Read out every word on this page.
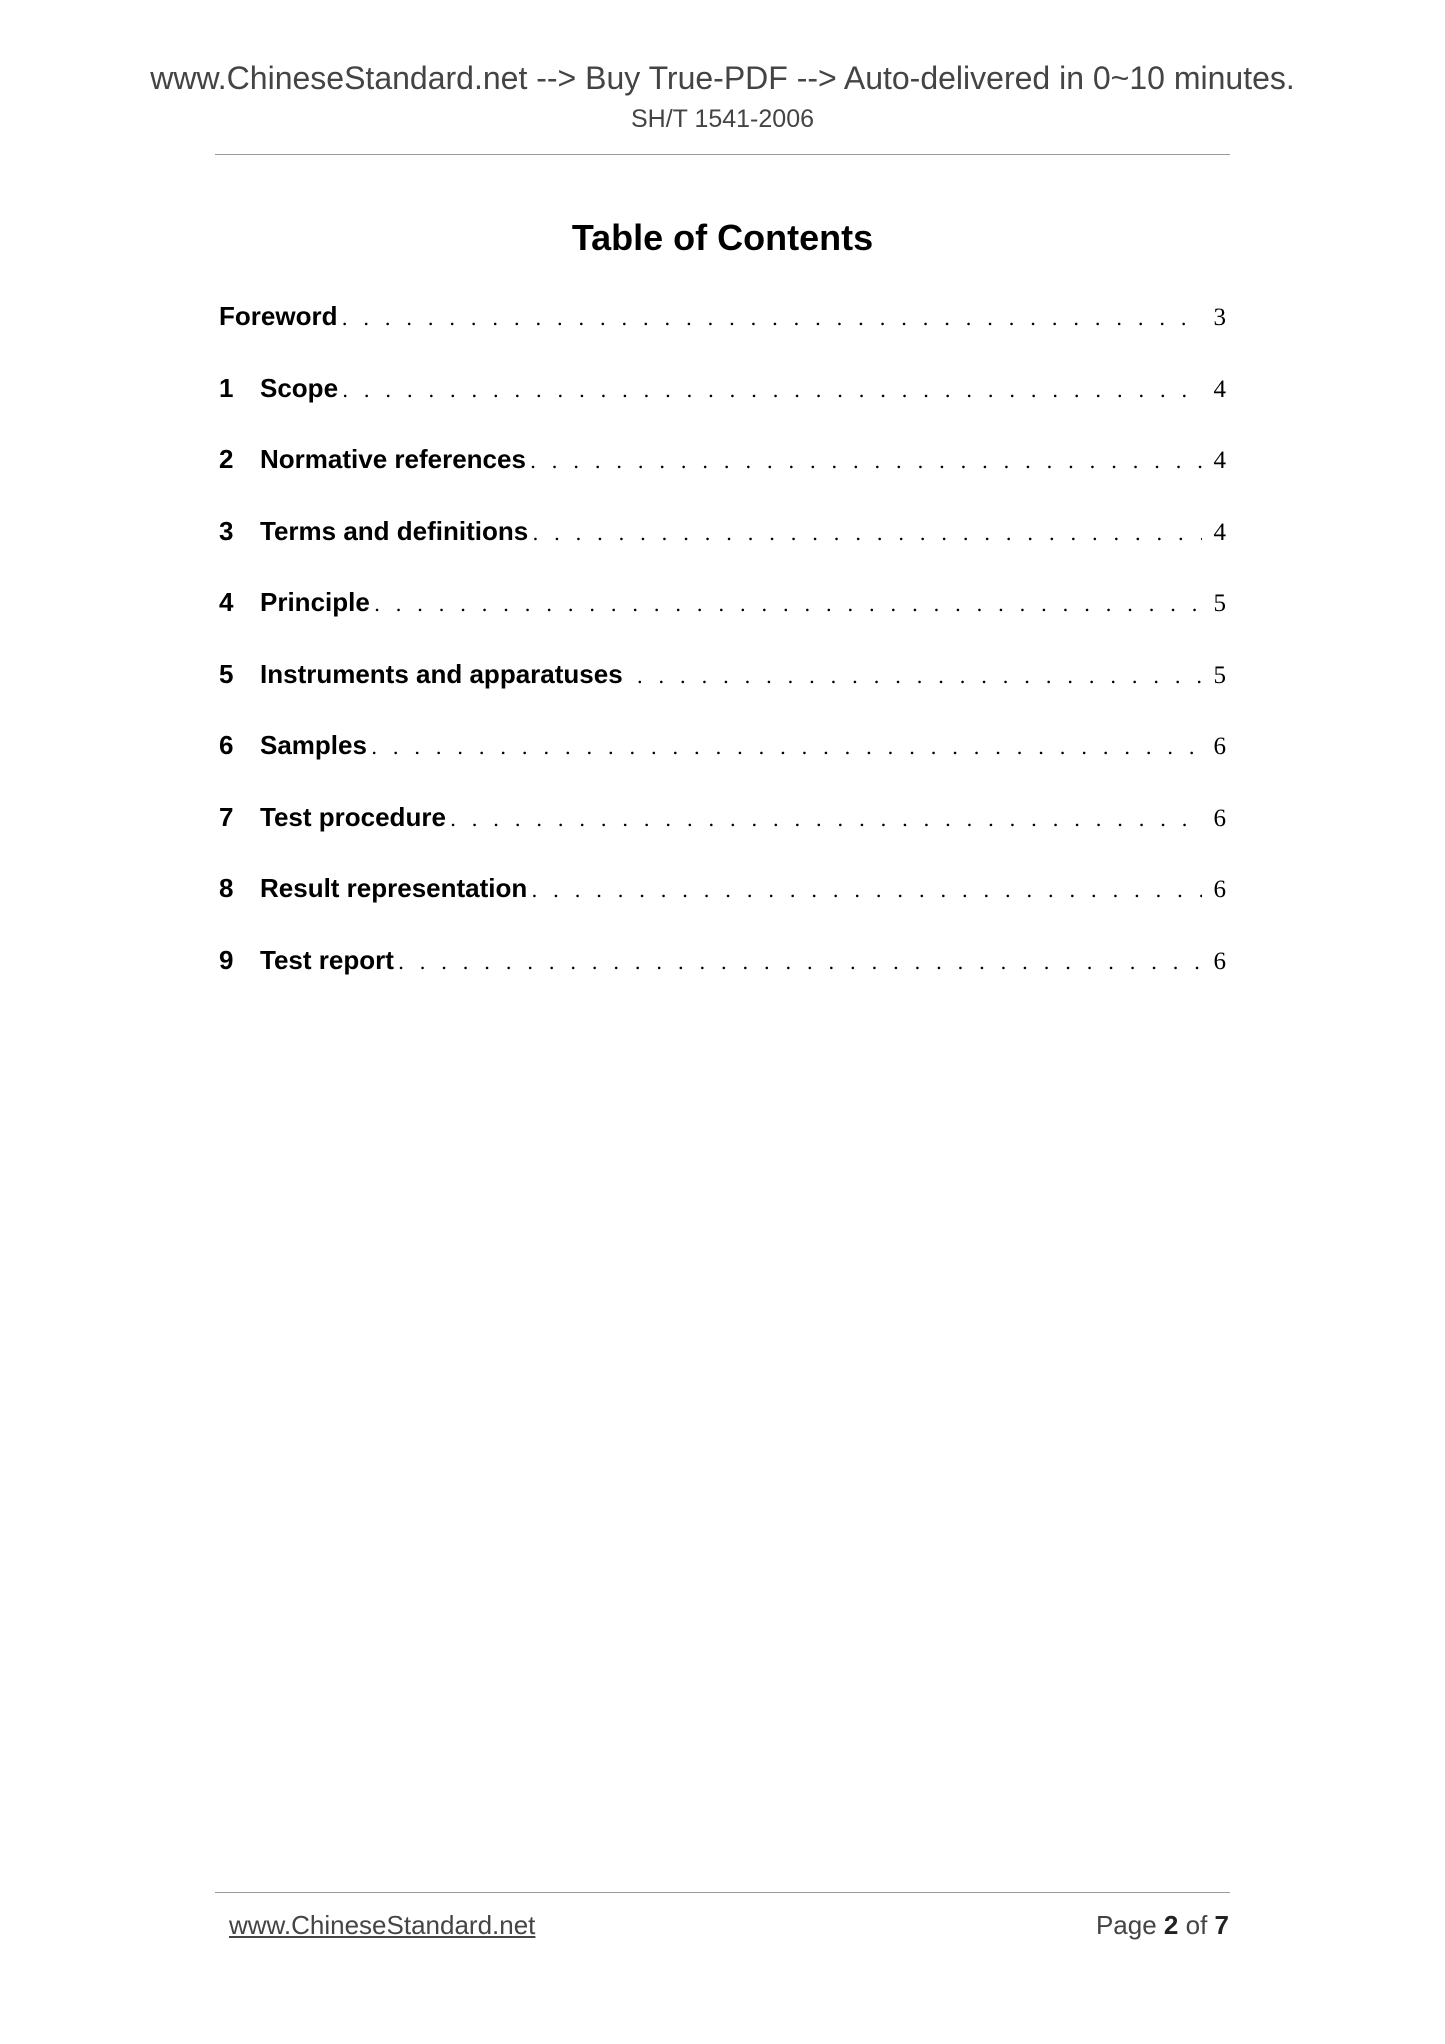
www.ChineseStandard.net --> Buy True-PDF --> Auto-delivered in 0~10 minutes.
SH/T 1541-2006
Table of Contents
Foreword . . .	3
1	Scope . . .	4
2	Normative references . . .	4
3	Terms and definitions . . .	4
4	Principle . . .	5
5	Instruments and apparatuses . . .	5
6	Samples . . .	6
7	Test procedure . . .	6
8	Result representation . . .	6
9	Test report . . .	6
www.ChineseStandard.net	Page 2 of 7
